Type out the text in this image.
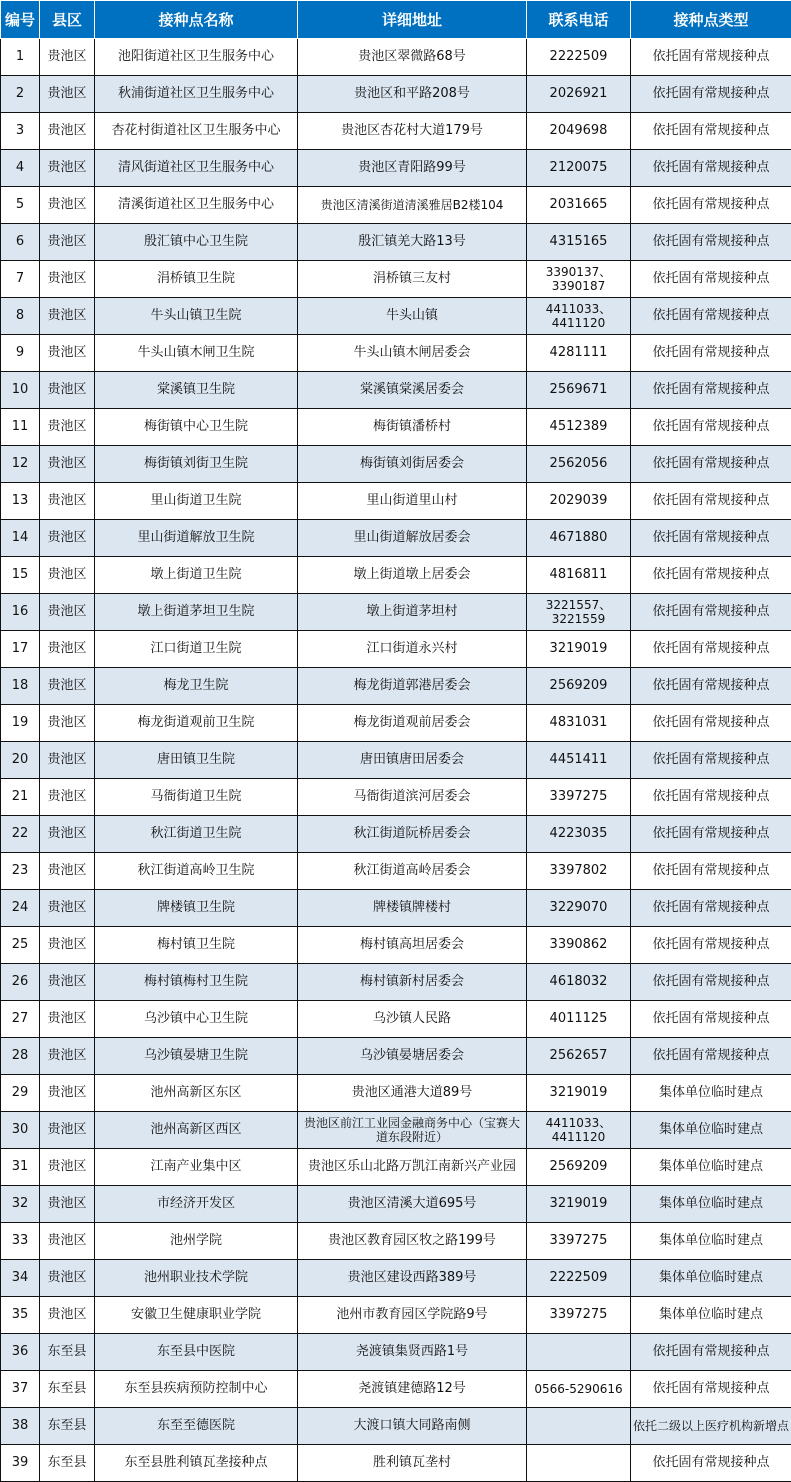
编号	县区	接种点名称	详细地址	联系电话	接种点类型
1	贵池区	池阳街道社区卫生服务中心	贵池区翠微路68号	2222509	依托固有常规接种点
2	贵池区	秋浦街道社区卫生服务中心	贵池区和平路208号	2026921	依托固有常规接种点
3	贵池区	杏花村街道社区卫生服务中心	贵池区杏花村大道179号	2049698	依托固有常规接种点
4	贵池区	清风街道社区卫生服务中心	贵池区青阳路99号	2120075	依托固有常规接种点
5	贵池区	清溪街道社区卫生服务中心	贵池区清溪街道清溪雅居B2楼104	2031665	依托固有常规接种点
6	贵池区	殷汇镇中心卫生院	殷汇镇羌大路13号	4315165	依托固有常规接种点
7	贵池区	涓桥镇卫生院	涓桥镇三友村	3390137、3390187	依托固有常规接种点
8	贵池区	牛头山镇卫生院	牛头山镇	4411033、4411120	依托固有常规接种点
9	贵池区	牛头山镇木闸卫生院	牛头山镇木闸居委会	4281111	依托固有常规接种点
10	贵池区	棠溪镇卫生院	棠溪镇棠溪居委会	2569671	依托固有常规接种点
11	贵池区	梅街镇中心卫生院	梅街镇潘桥村	4512389	依托固有常规接种点
12	贵池区	梅街镇刘街卫生院	梅街镇刘街居委会	2562056	依托固有常规接种点
13	贵池区	里山街道卫生院	里山街道里山村	2029039	依托固有常规接种点
14	贵池区	里山街道解放卫生院	里山街道解放居委会	4671880	依托固有常规接种点
15	贵池区	墩上街道卫生院	墩上街道墩上居委会	4816811	依托固有常规接种点
16	贵池区	墩上街道茅坦卫生院	墩上街道茅坦村	3221557、3221559	依托固有常规接种点
17	贵池区	江口街道卫生院	江口街道永兴村	3219019	依托固有常规接种点
18	贵池区	梅龙卫生院	梅龙街道郭港居委会	2569209	依托固有常规接种点
19	贵池区	梅龙街道观前卫生院	梅龙街道观前居委会	4831031	依托固有常规接种点
20	贵池区	唐田镇卫生院	唐田镇唐田居委会	4451411	依托固有常规接种点
21	贵池区	马衙街道卫生院	马衙街道滨河居委会	3397275	依托固有常规接种点
22	贵池区	秋江街道卫生院	秋江街道阮桥居委会	4223035	依托固有常规接种点
23	贵池区	秋江街道高岭卫生院	秋江街道高岭居委会	3397802	依托固有常规接种点
24	贵池区	牌楼镇卫生院	牌楼镇牌楼村	3229070	依托固有常规接种点
25	贵池区	梅村镇卫生院	梅村镇高坦居委会	3390862	依托固有常规接种点
26	贵池区	梅村镇梅村卫生院	梅村镇新村居委会	4618032	依托固有常规接种点
27	贵池区	乌沙镇中心卫生院	乌沙镇人民路	4011125	依托固有常规接种点
28	贵池区	乌沙镇晏塘卫生院	乌沙镇晏塘居委会	2562657	依托固有常规接种点
29	贵池区	池州高新区东区	贵池区通港大道89号	3219019	集体单位临时建点
30	贵池区	池州高新区西区	贵池区前江工业园金融商务中心（宝赛大道东段附近）	4411033、4411120	集体单位临时建点
31	贵池区	江南产业集中区	贵池区乐山北路万凯江南新兴产业园	2569209	集体单位临时建点
32	贵池区	市经济开发区	贵池区清溪大道695号	3219019	集体单位临时建点
33	贵池区	池州学院	贵池区教育园区牧之路199号	3397275	集体单位临时建点
34	贵池区	池州职业技术学院	贵池区建设西路389号	2222509	集体单位临时建点
35	贵池区	安徽卫生健康职业学院	池州市教育园区学院路9号	3397275	集体单位临时建点
36	东至县	东至县中医院	尧渡镇集贤西路1号		依托固有常规接种点
37	东至县	东至县疾病预防控制中心	尧渡镇建德路12号	0566-5290616	依托固有常规接种点
38	东至县	东至至德医院	大渡口镇大同路南侧		依托二级以上医疗机构新增点
39	东至县	东至县胜利镇瓦垄接种点	胜利镇瓦垄村		依托固有常规接种点
